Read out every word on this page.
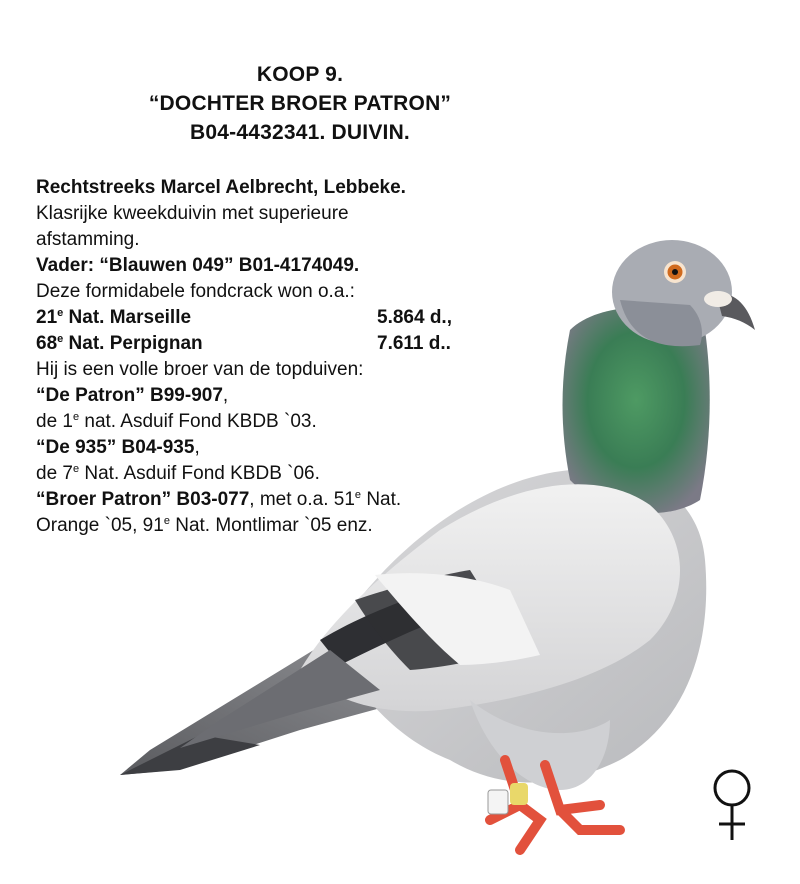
KOOP 9.
“DOCHTER BROER PATRON”
B04-4432341. DUIVIN.
Rechtstreeks Marcel Aelbrecht, Lebbeke.
Klasrijke kweekduivin met superieure
afstamming.
Vader: “Blauwen 049” B01-4174049.
Deze formidabele fondcrack won o.a.:
21e Nat. Marseille	5.864 d.,
68e Nat. Perpignan	7.611 d..
Hij is een volle broer van de topduiven:
“De Patron” B99-907,
de 1e nat. Asduif Fond KBDB `03.
“De 935” B04-935,
de 7e Nat. Asduif Fond KBDB `06.
“Broer Patron” B03-077, met o.a. 51e Nat.
Orange `05, 91e Nat. Montlimar `05 enz.
